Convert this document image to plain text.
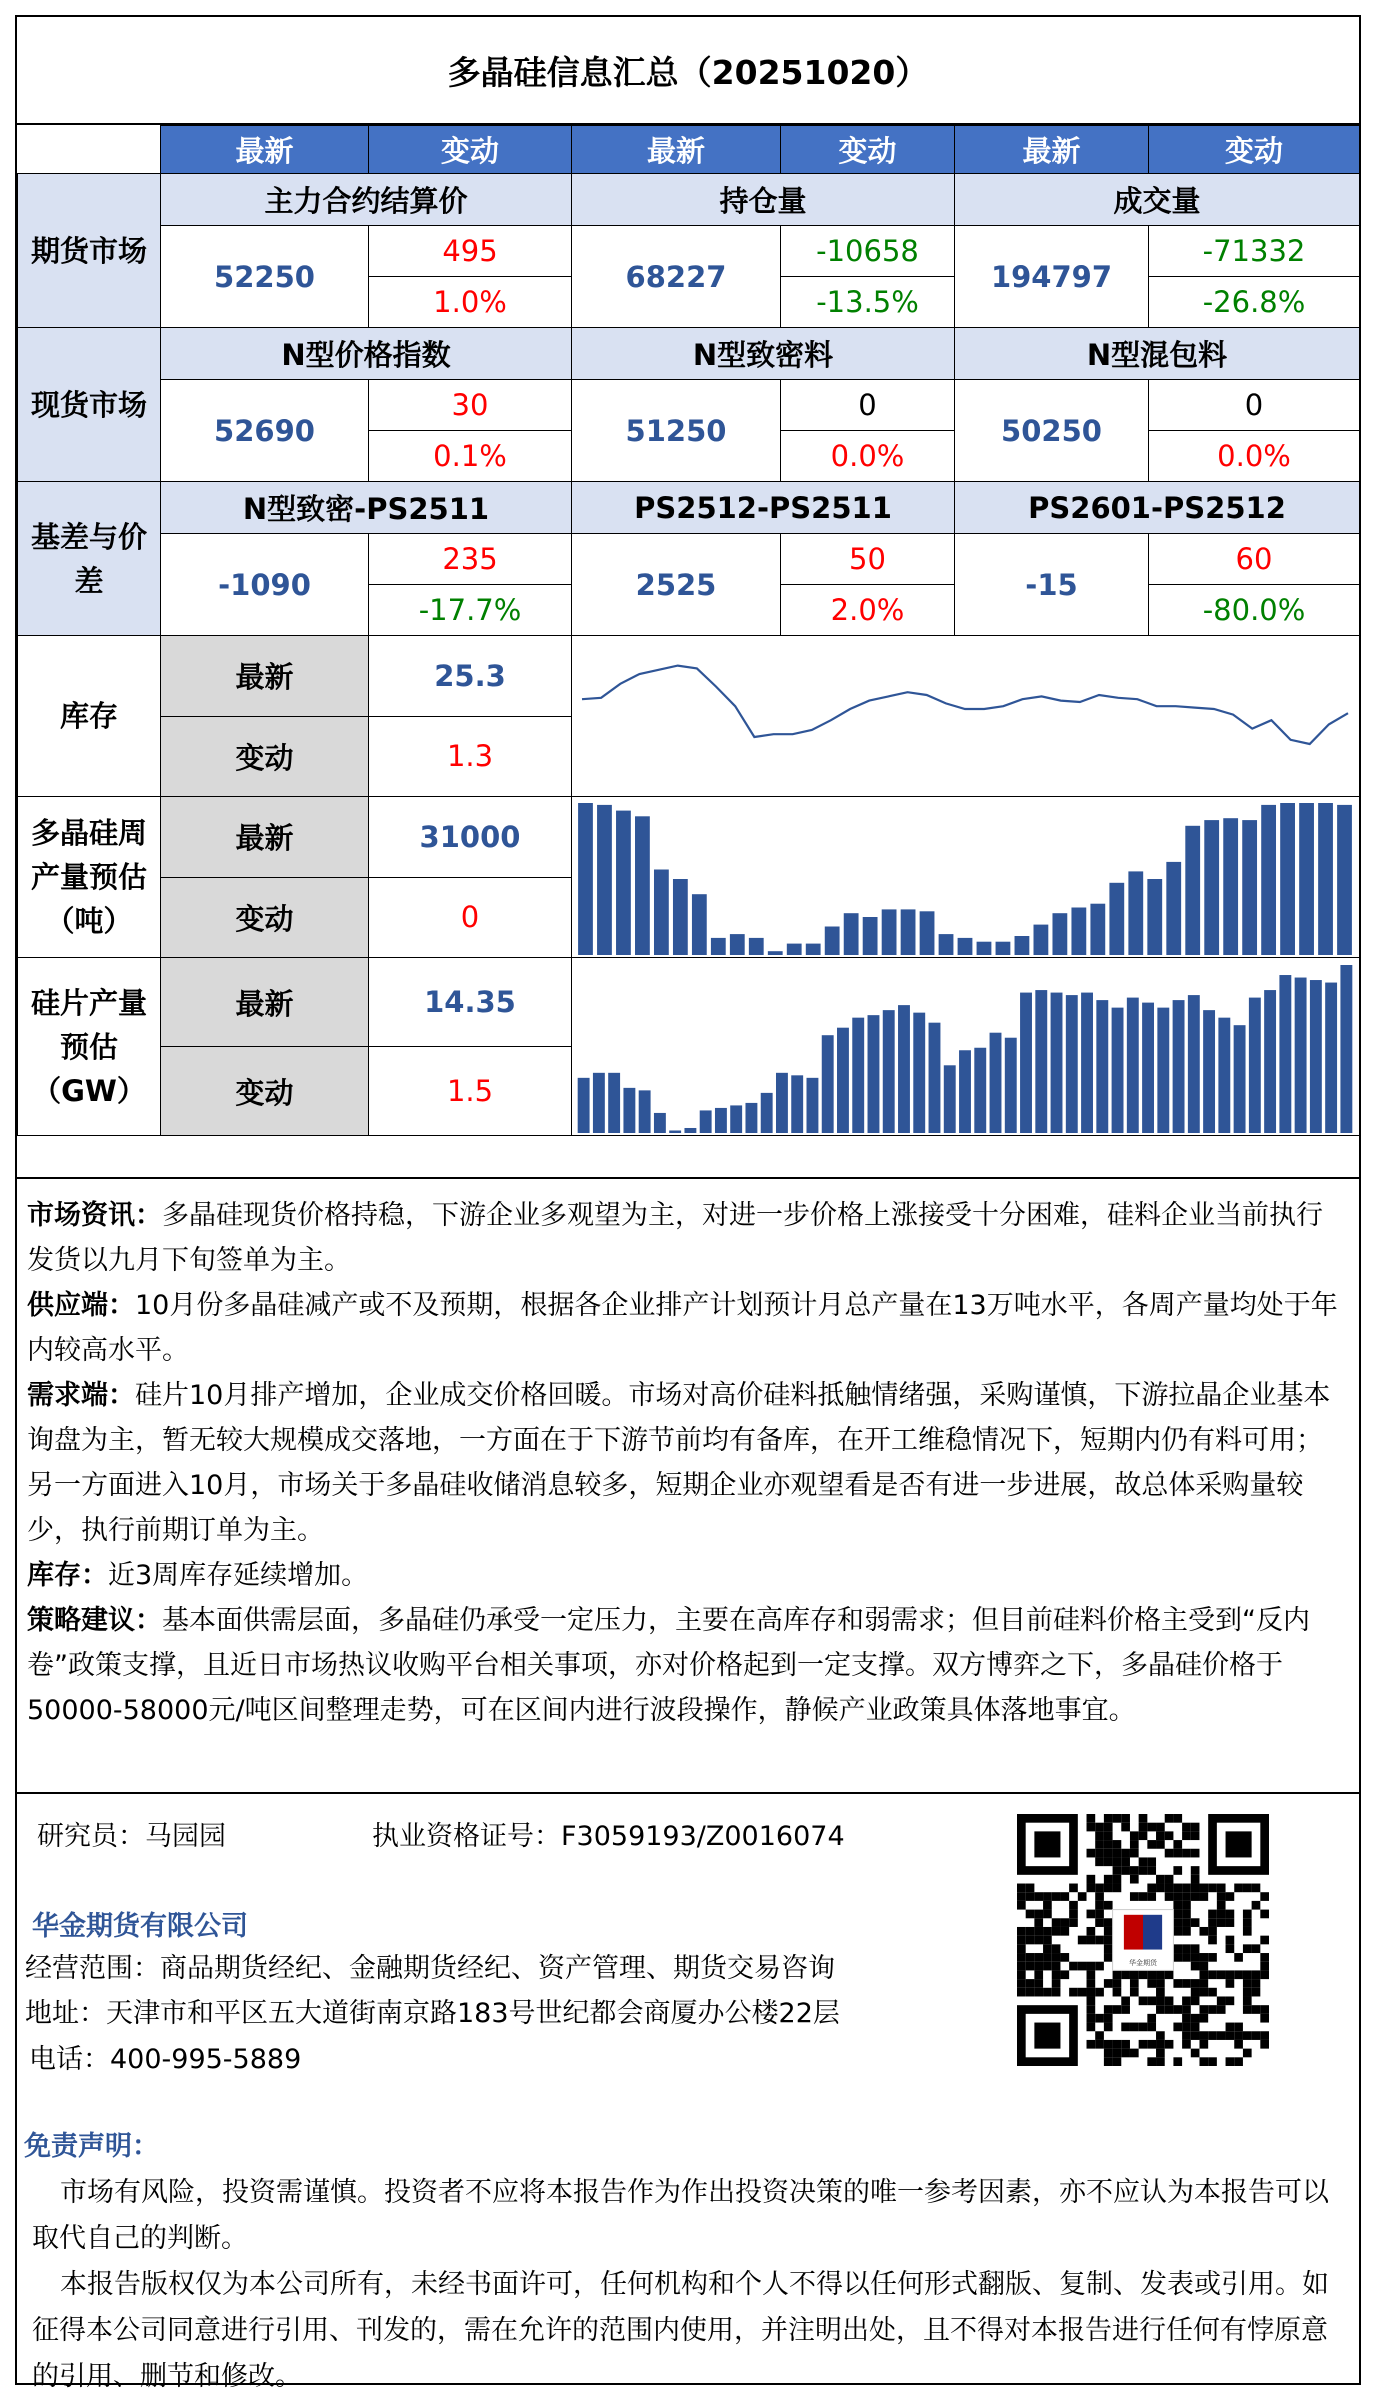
多晶硅信息汇总（20251020）
	最新	变动	最新	变动	最新	变动
期货市场	主力合约结算价		持仓量		成交量	
	52250	495	68227	-10658	194797	-71332
		1.0%		-13.5%		-26.8%
现货市场	N型价格指数		N型致密料		N型混包料	
	52690	30	51250	0	50250	0
		0.1%		0.0%		0.0%
基差与价差	N型致密-PS2511		PS2512-PS2511		PS2601-PS2512	
	-1090	235	2525	50	-15	60
		-17.7%		2.0%		-80.0%
库存	最新	25.3	

	变动	1.3				
多晶硅周产量预估（吨）	最新	31000	

	变动	0				
硅片产量预估（GW）	最新	14.35	

	变动	1.5				

市场资讯：多晶硅现货价格持稳，下游企业多观望为主，对进一步价格上涨接受十分困难，硅料企业当前执行发货以九月下旬签单为主。

供应端：10月份多晶硅减产或不及预期，根据各企业排产计划预计月总产量在13万吨水平，各周产量均处于年内较高水平。

需求端：硅片10月排产增加，企业成交价格回暖。市场对高价硅料抵触情绪强，采购谨慎，下游拉晶企业基本询盘为主，暂无较大规模成交落地，一方面在于下游节前均有备库，在开工维稳情况下，短期内仍有料可用；另一方面进入10月，市场关于多晶硅收储消息较多，短期企业亦观望看是否有进一步进展，故总体采购量较少，执行前期订单为主。

库存：近3周库存延续增加。

策略建议：基本面供需层面，多晶硅仍承受一定压力，主要在高库存和弱需求；但目前硅料价格主受到“反内卷”政策支撑，且近日市场热议收购平台相关事项，亦对价格起到一定支撑。双方博弈之下，多晶硅价格于50000-58000元/吨区间整理走势，可在区间内进行波段操作，静候产业政策具体落地事宜。

研究员：马园园	执业资格证号：F3059193/Z0016074
华金期货有限公司
经营范围：商品期货经纪、金融期货经纪、资产管理、期货交易咨询
地址：天津市和平区五大道街南京路183号世纪都会商厦办公楼22层
电话：400-995-5889
华金期货
免责声明：

市场有风险，投资需谨慎。投资者不应将本报告作为作出投资决策的唯一参考因素，亦不应认为本报告可以取代自己的判断。

本报告版权仅为本公司所有，未经书面许可，任何机构和个人不得以任何形式翻版、复制、发表或引用。如征得本公司同意进行引用、刊发的，需在允许的范围内使用，并注明出处，且不得对本报告进行任何有悖原意的引用、删节和修改。
